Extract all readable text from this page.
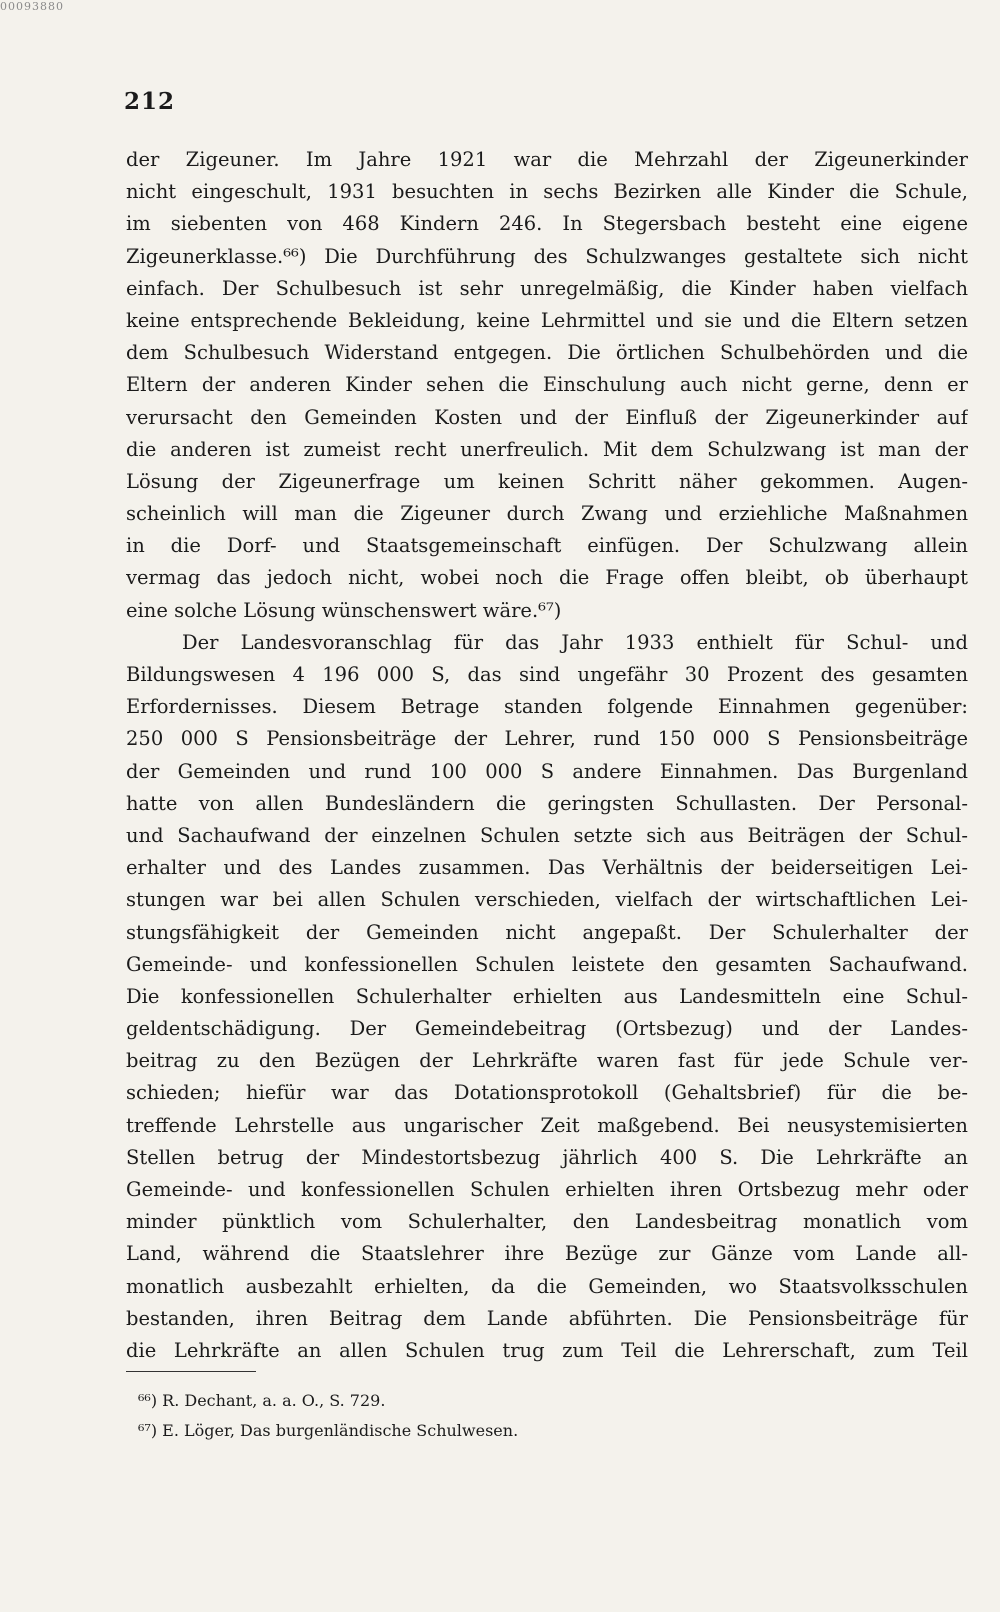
00093880
212
der Zigeuner. Im Jahre 1921 war die Mehrzahl der Zigeunerkinder
nicht eingeschult, 1931 besuchten in sechs Bezirken alle Kinder die Schule,
im siebenten von 468 Kindern 246. In Stegersbach besteht eine eigene
Zigeunerklasse.⁶⁶) Die Durchführung des Schulzwanges gestaltete sich nicht
einfach. Der Schulbesuch ist sehr unregelmäßig, die Kinder haben vielfach
keine entsprechende Bekleidung, keine Lehrmittel und sie und die Eltern setzen
dem Schulbesuch Widerstand entgegen. Die örtlichen Schulbehörden und die
Eltern der anderen Kinder sehen die Einschulung auch nicht gerne, denn er
verursacht den Gemeinden Kosten und der Einfluß der Zigeunerkinder auf
die anderen ist zumeist recht unerfreulich. Mit dem Schulzwang ist man der
Lösung der Zigeunerfrage um keinen Schritt näher gekommen. Augen-
scheinlich will man die Zigeuner durch Zwang und erziehliche Maßnahmen
in die Dorf- und Staatsgemeinschaft einfügen. Der Schulzwang allein
vermag das jedoch nicht, wobei noch die Frage offen bleibt, ob überhaupt
eine solche Lösung wünschenswert wäre.⁶⁷)
Der Landesvoranschlag für das Jahr 1933 enthielt für Schul- und
Bildungswesen 4 196 000 S, das sind ungefähr 30 Prozent des gesamten
Erfordernisses. Diesem Betrage standen folgende Einnahmen gegenüber:
250 000 S Pensionsbeiträge der Lehrer, rund 150 000 S Pensionsbeiträge
der Gemeinden und rund 100 000 S andere Einnahmen. Das Burgenland
hatte von allen Bundesländern die geringsten Schullasten. Der Personal-
und Sachaufwand der einzelnen Schulen setzte sich aus Beiträgen der Schul-
erhalter und des Landes zusammen. Das Verhältnis der beiderseitigen Lei-
stungen war bei allen Schulen verschieden, vielfach der wirtschaftlichen Lei-
stungsfähigkeit der Gemeinden nicht angepaßt. Der Schulerhalter der
Gemeinde- und konfessionellen Schulen leistete den gesamten Sachaufwand.
Die konfessionellen Schulerhalter erhielten aus Landesmitteln eine Schul-
geldentschädigung. Der Gemeindebeitrag (Ortsbezug) und der Landes-
beitrag zu den Bezügen der Lehrkräfte waren fast für jede Schule ver-
schieden; hiefür war das Dotationsprotokoll (Gehaltsbrief) für die be-
treffende Lehrstelle aus ungarischer Zeit maßgebend. Bei neusystemisierten
Stellen betrug der Mindestortsbezug jährlich 400 S. Die Lehrkräfte an
Gemeinde- und konfessionellen Schulen erhielten ihren Ortsbezug mehr oder
minder pünktlich vom Schulerhalter, den Landesbeitrag monatlich vom
Land, während die Staatslehrer ihre Bezüge zur Gänze vom Lande all-
monatlich ausbezahlt erhielten, da die Gemeinden, wo Staatsvolksschulen
bestanden, ihren Beitrag dem Lande abführten. Die Pensionsbeiträge für
die Lehrkräfte an allen Schulen trug zum Teil die Lehrerschaft, zum Teil
⁶⁶) R. Dechant, a. a. O., S. 729.
⁶⁷) E. Löger, Das burgenländische Schulwesen.
